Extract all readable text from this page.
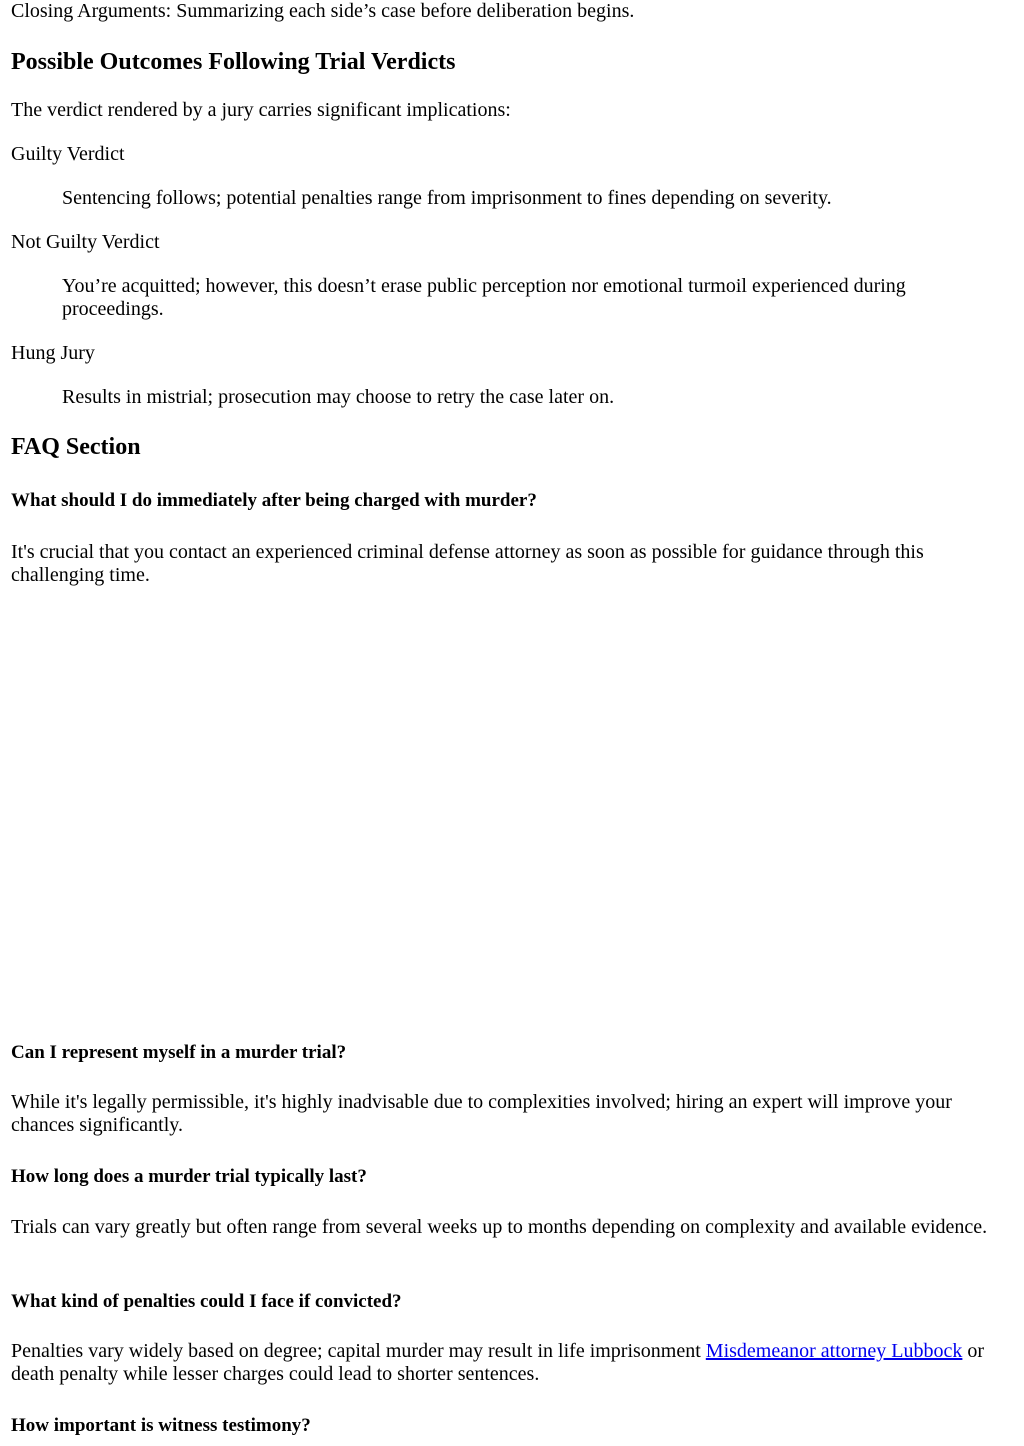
Closing Arguments: Summarizing each side’s case before deliberation begins.

Possible Outcomes Following Trial Verdicts

The verdict rendered by a jury carries significant implications:

Guilty Verdict

Sentencing follows; potential penalties range from imprisonment to fines depending on severity.

Not Guilty Verdict

You’re acquitted; however, this doesn’t erase public perception nor emotional turmoil experienced during proceedings.

Hung Jury

Results in mistrial; prosecution may choose to retry the case later on.

FAQ Section
What should I do immediately after being charged with murder?

It's crucial that you contact an experienced criminal defense attorney as soon as possible for guidance through this challenging time.

Can I represent myself in a murder trial?

While it's legally permissible, it's highly inadvisable due to complexities involved; hiring an expert will improve your chances significantly.

How long does a murder trial typically last?

Trials can vary greatly but often range from several weeks up to months depending on complexity and available evidence.

What kind of penalties could I face if convicted?

Penalties vary widely based on degree; capital murder may result in life imprisonment Misdemeanor attorney Lubbock or death penalty while lesser charges could lead to shorter sentences.

How important is witness testimony?
